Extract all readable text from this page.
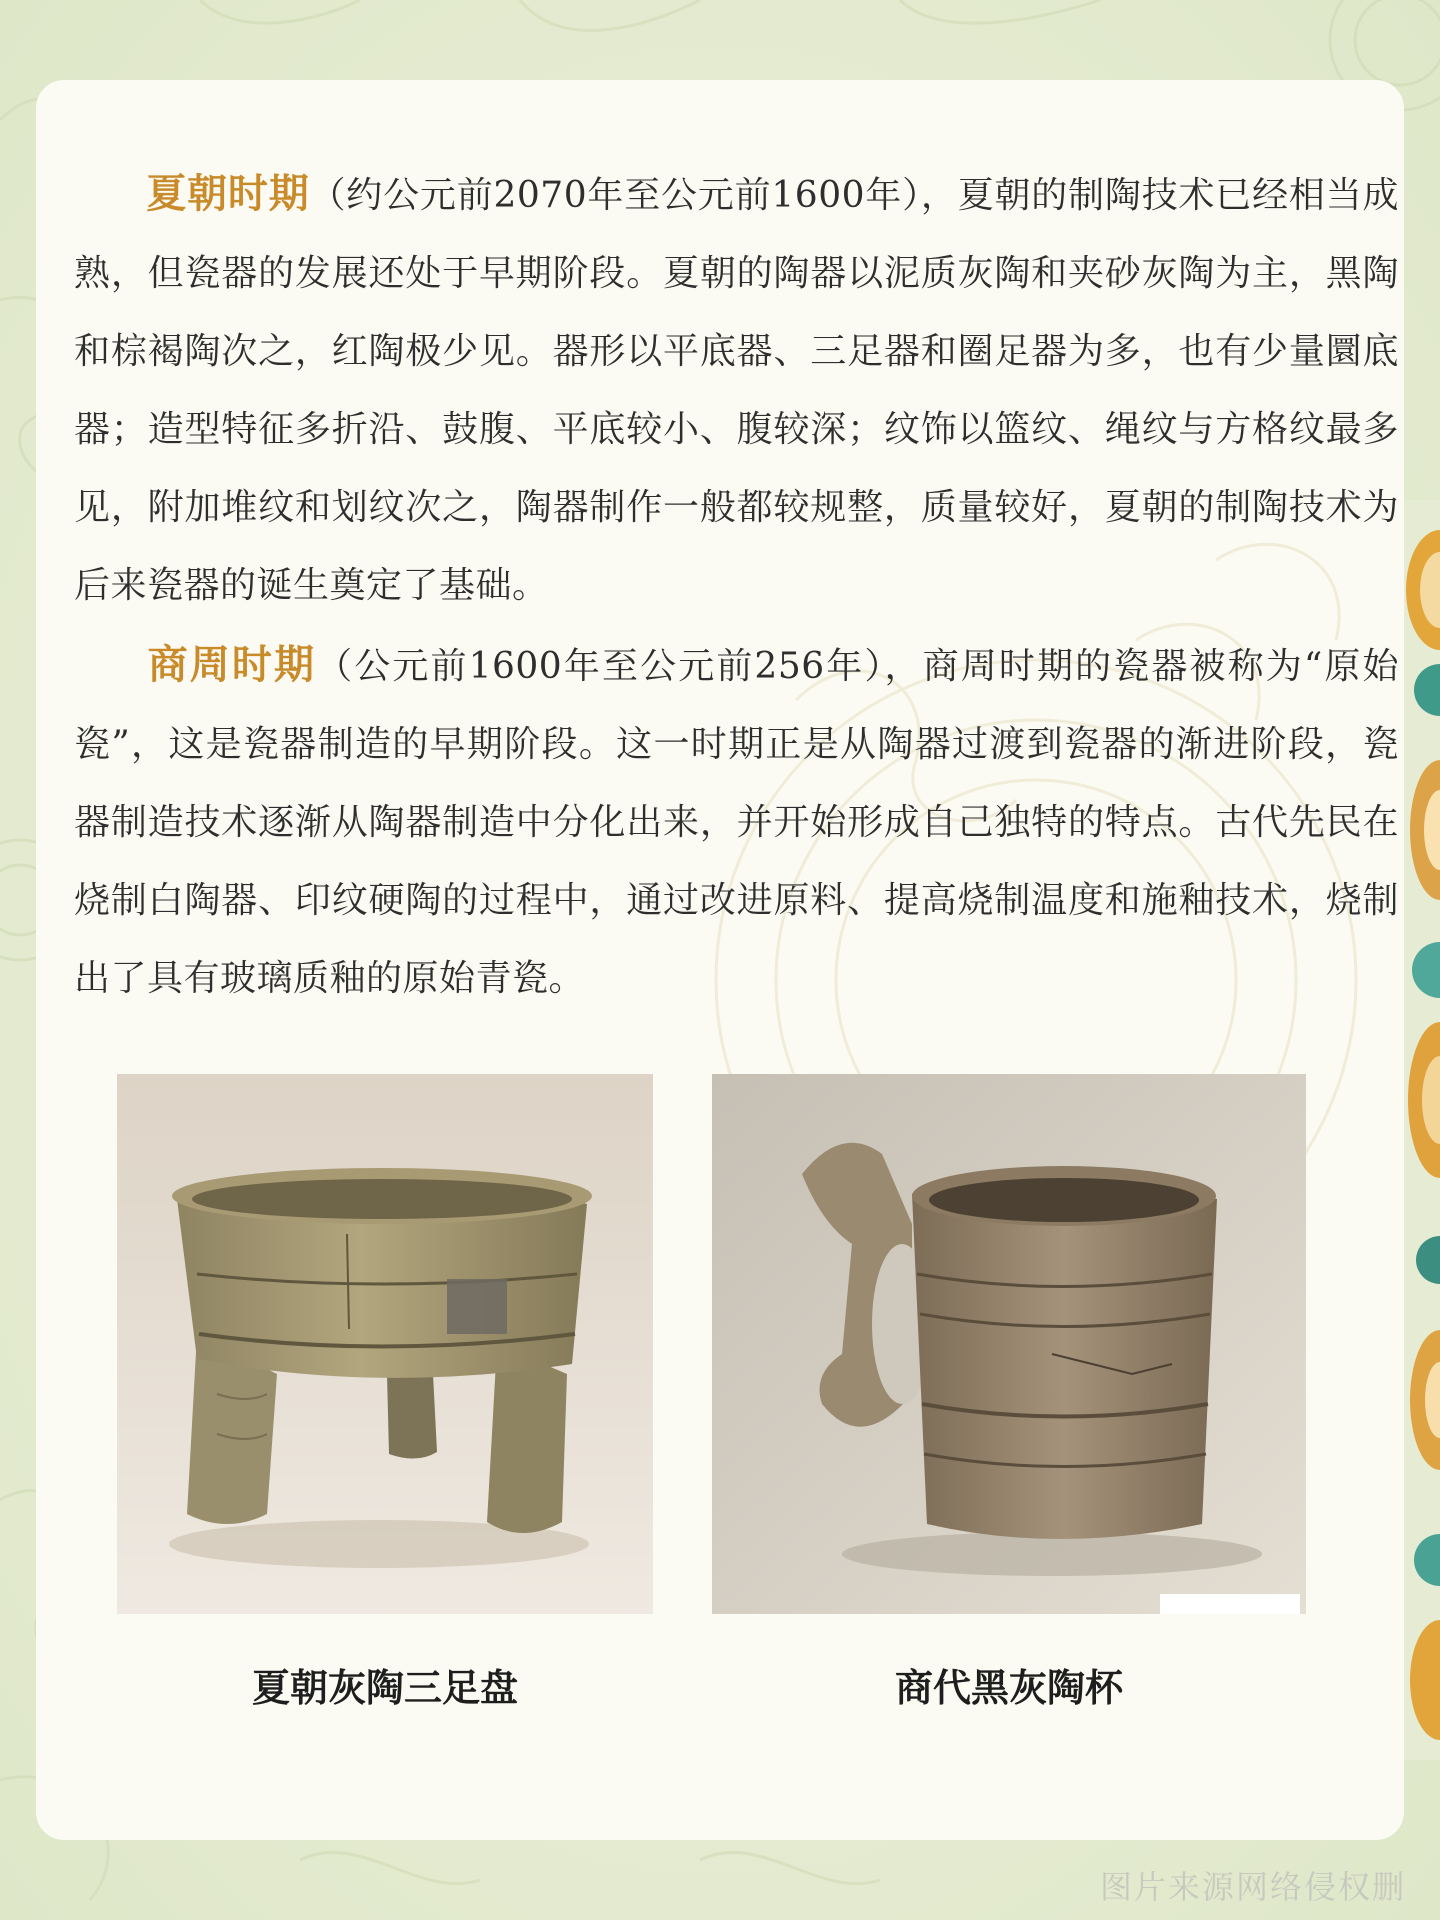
夏朝时期（约公元前2070年至公元前1600年），夏朝的制陶技术已经相当成熟，但瓷器的发展还处于早期阶段。夏朝的陶器以泥质灰陶和夹砂灰陶为主，黑陶和棕褐陶次之，红陶极少见。器形以平底器、三足器和圈足器为多，也有少量圜底器；造型特征多折沿、鼓腹、平底较小、腹较深；纹饰以篮纹、绳纹与方格纹最多见，附加堆纹和划纹次之，陶器制作一般都较规整，质量较好，夏朝的制陶技术为后来瓷器的诞生奠定了基础。

商周时期（公元前1600年至公元前256年），商周时期的瓷器被称为“原始瓷”，这是瓷器制造的早期阶段。这一时期正是从陶器过渡到瓷器的渐进阶段，瓷器制造技术逐渐从陶器制造中分化出来，并开始形成自己独特的特点。古代先民在烧制白陶器、印纹硬陶的过程中，通过改进原料、提高烧制温度和施釉技术，烧制出了具有玻璃质釉的原始青瓷。

夏朝灰陶三足盘	商代黑灰陶杯
图片来源网络侵权删
